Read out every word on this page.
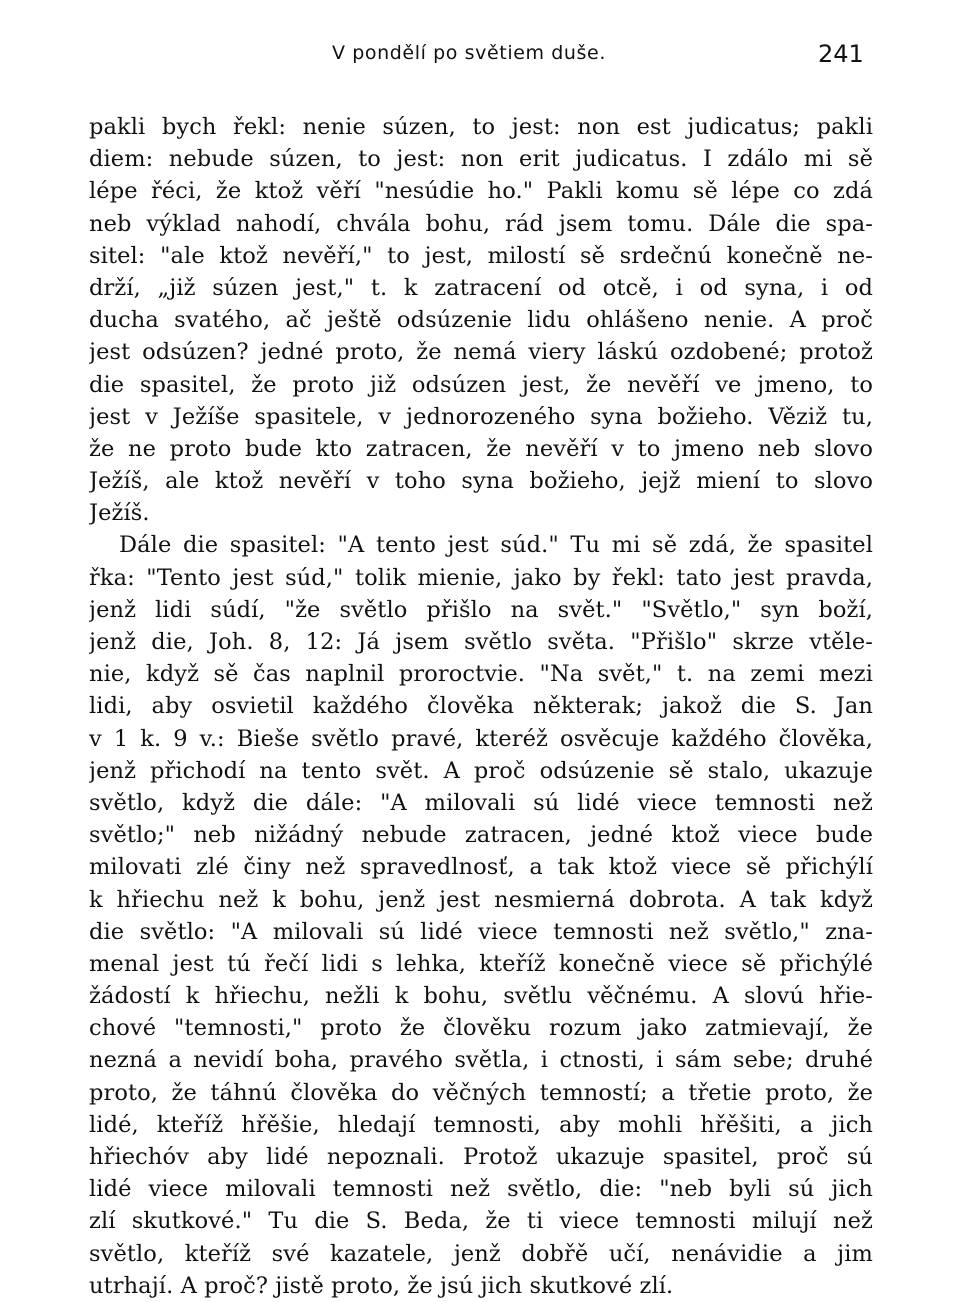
V pondělí po světiem duše.	241
pakli bych řekl: nenie súzen, to jest: non est judicatus; pakli
diem: nebude súzen, to jest: non erit judicatus. I zdálo mi sě
lépe řéci, že ktož věří "nesúdie ho." Pakli komu sě lépe co zdá
neb výklad nahodí, chvála bohu, rád jsem tomu. Dále die spa-
sitel: "ale ktož nevěří," to jest, milostí sě srdečnú konečně ne-
drží, „již súzen jest," t. k zatracení od otcě, i od syna, i od
ducha svatého, ač ještě odsúzenie lidu ohlášeno nenie. A proč
jest odsúzen? jedné proto, že nemá viery láskú ozdobené; protož
die spasitel, že proto již odsúzen jest, že nevěří ve jmeno, to
jest v Ježíše spasitele, v jednorozeného syna božieho. Věziž tu,
že ne proto bude kto zatracen, že nevěří v to jmeno neb slovo
Ježíš, ale ktož nevěří v toho syna božieho, jejž miení to slovo
Ježíš.
Dále die spasitel: "A tento jest súd." Tu mi sě zdá, že spasitel
řka: "Tento jest súd," tolik mienie, jako by řekl: tato jest pravda,
jenž lidi súdí, "že světlo přišlo na svět." "Světlo," syn boží,
jenž die, Joh. 8, 12: Já jsem světlo světa. "Přišlo" skrze vtěle-
nie, když sě čas naplnil proroctvie. "Na svět," t. na zemi mezi
lidi, aby osvietil každého člověka některak; jakož die S. Jan
v 1 k. 9 v.: Bieše světlo pravé, kteréž osvěcuje každého člověka,
jenž přichodí na tento svět. A proč odsúzenie sě stalo, ukazuje
světlo, když die dále: "A milovali sú lidé viece temnosti než
světlo;" neb nižádný nebude zatracen, jedné ktož viece bude
milovati zlé činy než spravedlnosť, a tak ktož viece sě přichýlí
k hřiechu než k bohu, jenž jest nesmierná dobrota. A tak když
die světlo: "A milovali sú lidé viece temnosti než světlo," zna-
menal jest tú řečí lidi s lehka, kteříž konečně viece sě přichýlé
žádostí k hřiechu, nežli k bohu, světlu věčnému. A slovú hřie-
chové "temnosti," proto že člověku rozum jako zatmievají, že
nezná a nevidí boha, pravého světla, i ctnosti, i sám sebe; druhé
proto, že táhnú člověka do věčných temností; a třetie proto, že
lidé, kteříž hřěšie, hledají temnosti, aby mohli hřěšiti, a jich
hřiechóv aby lidé nepoznali. Protož ukazuje spasitel, proč sú
lidé viece milovali temnosti než světlo, die: "neb byli sú jich
zlí skutkové." Tu die S. Beda, že ti viece temnosti milují než
světlo, kteříž své kazatele, jenž dobřě učí, nenávidie a jim
utrhají. A proč? jistě proto, že jsú jich skutkové zlí.
